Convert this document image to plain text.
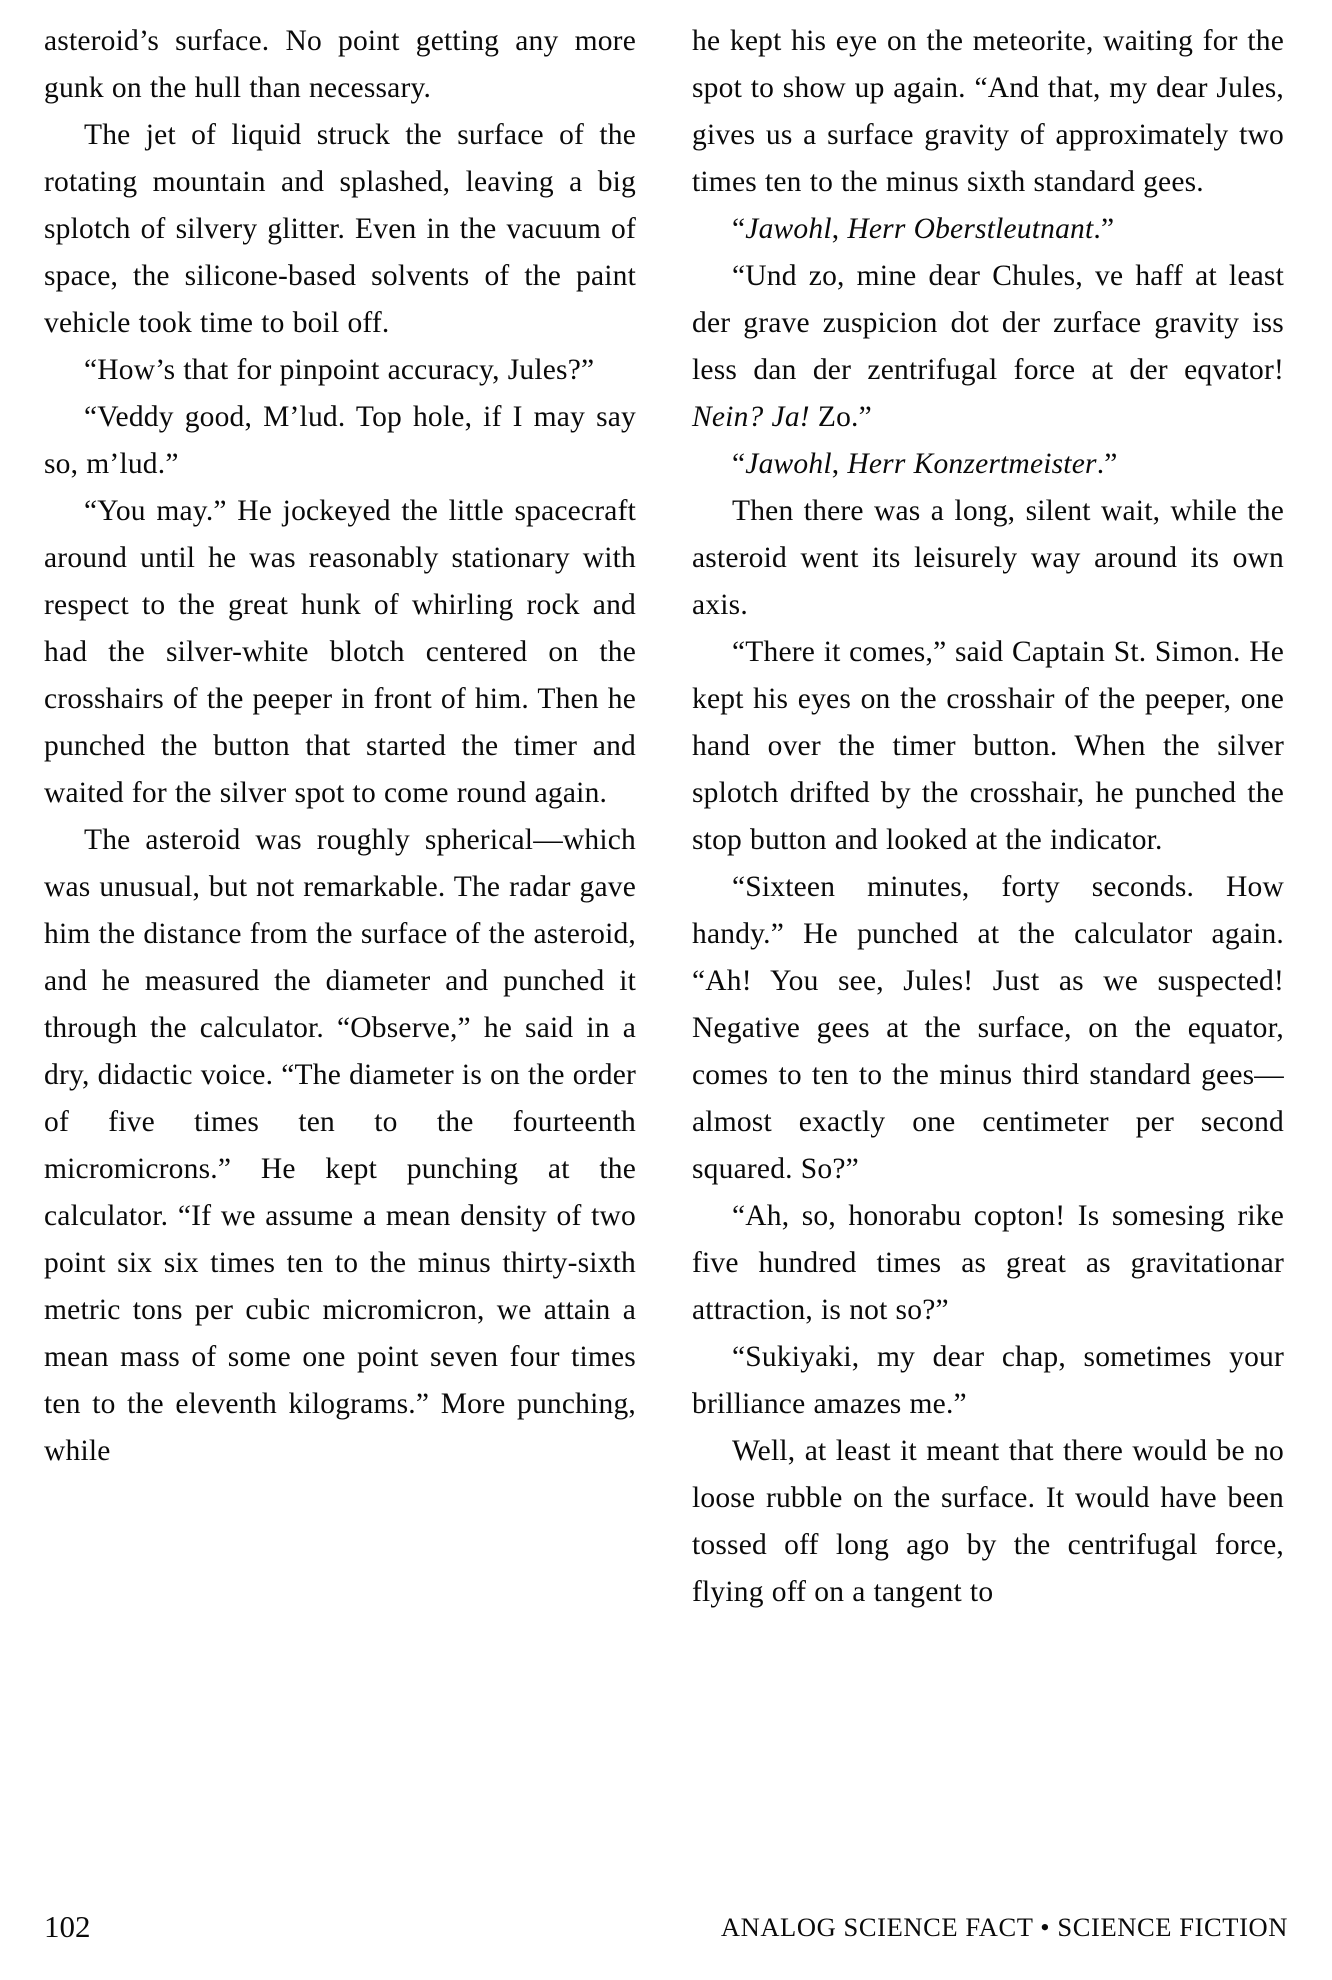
asteroid’s surface. No point getting any more gunk on the hull than necessary.

The jet of liquid struck the surface of the rotating mountain and splashed, leaving a big splotch of silvery glitter. Even in the vacuum of space, the silicone-based solvents of the paint vehicle took time to boil off.

“How’s that for pinpoint accuracy, Jules?”

“Veddy good, M’lud. Top hole, if I may say so, m’lud.”

“You may.” He jockeyed the little spacecraft around until he was reasonably stationary with respect to the great hunk of whirling rock and had the silver-white blotch centered on the crosshairs of the peeper in front of him. Then he punched the button that started the timer and waited for the silver spot to come round again.

The asteroid was roughly spherical—which was unusual, but not remarkable. The radar gave him the distance from the surface of the asteroid, and he measured the diameter and punched it through the calculator. “Observe,” he said in a dry, didactic voice. “The diameter is on the order of five times ten to the fourteenth micromicrons.” He kept punching at the calculator. “If we assume a mean density of two point six six times ten to the minus thirty-sixth metric tons per cubic micromicron, we attain a mean mass of some one point seven four times ten to the eleventh kilograms.” More punching, while

he kept his eye on the meteorite, waiting for the spot to show up again. “And that, my dear Jules, gives us a surface gravity of approximately two times ten to the minus sixth standard gees.

“Jawohl, Herr Oberstleutnant.”

“Und zo, mine dear Chules, ve haff at least der grave zuspicion dot der zurface gravity iss less dan der zentrifugal force at der eqvator! Nein? Ja! Zo.”

“Jawohl, Herr Konzertmeister.”

Then there was a long, silent wait, while the asteroid went its leisurely way around its own axis.

“There it comes,” said Captain St. Simon. He kept his eyes on the crosshair of the peeper, one hand over the timer button. When the silver splotch drifted by the crosshair, he punched the stop button and looked at the indicator.

“Sixteen minutes, forty seconds. How handy.” He punched at the calculator again. “Ah! You see, Jules! Just as we suspected! Negative gees at the surface, on the equator, comes to ten to the minus third standard gees—almost exactly one centimeter per second squared. So?”

“Ah, so, honorabu copton! Is somesing rike five hundred times as great as gravitationar attraction, is not so?”

“Sukiyaki, my dear chap, sometimes your brilliance amazes me.”

Well, at least it meant that there would be no loose rubble on the surface. It would have been tossed off long ago by the centrifugal force, flying off on a tangent to

102	ANALOG SCIENCE FACT • SCIENCE FICTION
